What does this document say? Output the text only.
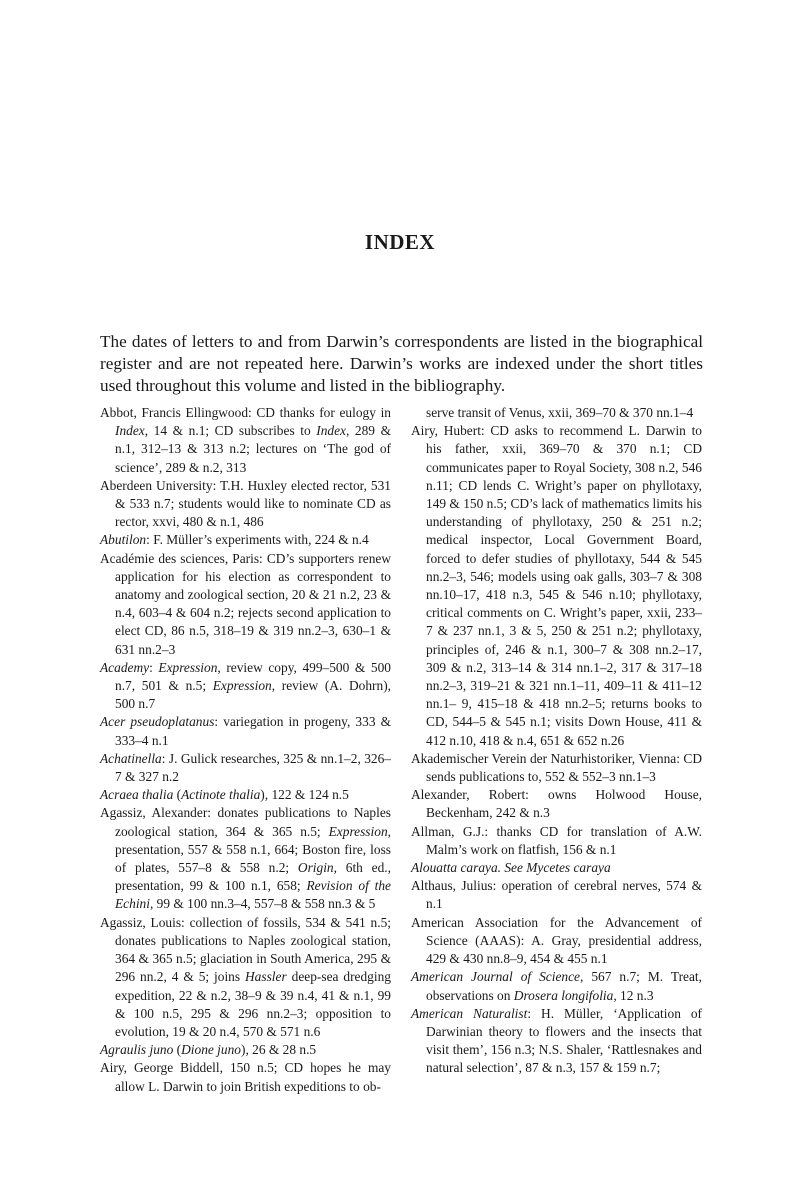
INDEX

The dates of letters to and from Darwin’s correspondents are listed in the biographical register and are not repeated here. Darwin’s works are indexed under the short titles used throughout this volume and listed in the bibliography.

Abbot, Francis Ellingwood: CD thanks for eulogy in Index, 14 & n.1; CD subscribes to Index, 289 & n.1, 312–13 & 313 n.2; lectures on ‘The god of science’, 289 & n.2, 313

Aberdeen University: T.H. Huxley elected rector, 531 & 533 n.7; students would like to nominate CD as rector, xxvi, 480 & n.1, 486

Abutilon: F. Müller’s experiments with, 224 & n.4

Académie des sciences, Paris: CD’s supporters renew application for his election as correspondent to anatomy and zoological section, 20 & 21 n.2, 23 & n.4, 603–4 & 604 n.2; rejects second application to elect CD, 86 n.5, 318–19 & 319 nn.2–3, 630–1 & 631 nn.2–3

Academy: Expression, review copy, 499–500 & 500 n.7, 501 & n.5; Expression, review (A. Dohrn), 500 n.7

Acer pseudoplatanus: variegation in progeny, 333 & 333–4 n.1

Achatinella: J. Gulick researches, 325 & nn.1–2, 326–7 & 327 n.2

Acraea thalia (Actinote thalia), 122 & 124 n.5

Agassiz, Alexander: donates publications to Naples zoological station, 364 & 365 n.5; Expression, presentation, 557 & 558 n.1, 664; Boston fire, loss of plates, 557–8 & 558 n.2; Origin, 6th ed., presentation, 99 & 100 n.1, 658; Revision of the Echini, 99 & 100 nn.3–4, 557–8 & 558 nn.3 & 5

Agassiz, Louis: collection of fossils, 534 & 541 n.5; donates publications to Naples zoological station, 364 & 365 n.5; glaciation in South America, 295 & 296 nn.2, 4 & 5; joins Hassler deep-sea dredging expedition, 22 & n.2, 38–9 & 39 n.4, 41 & n.1, 99 & 100 n.5, 295 & 296 nn.2–3; opposition to evolution, 19 & 20 n.4, 570 & 571 n.6

Agraulis juno (Dione juno), 26 & 28 n.5

Airy, George Biddell, 150 n.5; CD hopes he may allow L. Darwin to join British expeditions to ob-

serve transit of Venus, xxii, 369–70 & 370 nn.1–4

Airy, Hubert: CD asks to recommend L. Darwin to his father, xxii, 369–70 & 370 n.1; CD communicates paper to Royal Society, 308 n.2, 546 n.11; CD lends C. Wright’s paper on phyllotaxy, 149 & 150 n.5; CD’s lack of mathematics limits his understanding of phyllotaxy, 250 & 251 n.2; medical inspector, Local Government Board, forced to defer studies of phyllotaxy, 544 & 545 nn.2–3, 546; models using oak galls, 303–7 & 308 nn.10–17, 418 n.3, 545 & 546 n.10; phyllotaxy, critical comments on C. Wright’s paper, xxii, 233–7 & 237 nn.1, 3 & 5, 250 & 251 n.2; phyllotaxy, principles of, 246 & n.1, 300–7 & 308 nn.2–17, 309 & n.2, 313–14 & 314 nn.1–2, 317 & 317–18 nn.2–3, 319–21 & 321 nn.1–11, 409–11 & 411–12 nn.1– 9, 415–18 & 418 nn.2–5; returns books to CD, 544–5 & 545 n.1; visits Down House, 411 & 412 n.10, 418 & n.4, 651 & 652 n.26

Akademischer Verein der Naturhistoriker, Vienna: CD sends publications to, 552 & 552–3 nn.1–3

Alexander, Robert: owns Holwood House, Beckenham, 242 & n.3

Allman, G.J.: thanks CD for translation of A.W. Malm’s work on flatfish, 156 & n.1

Alouatta caraya. See Mycetes caraya

Althaus, Julius: operation of cerebral nerves, 574 & n.1

American Association for the Advancement of Science (AAAS): A. Gray, presidential address, 429 & 430 nn.8–9, 454 & 455 n.1

American Journal of Science, 567 n.7; M. Treat, observations on Drosera longifolia, 12 n.3

American Naturalist: H. Müller, ‘Application of Darwinian theory to flowers and the insects that visit them’, 156 n.3; N.S. Shaler, ‘Rattlesnakes and natural selection’, 87 & n.3, 157 & 159 n.7;
